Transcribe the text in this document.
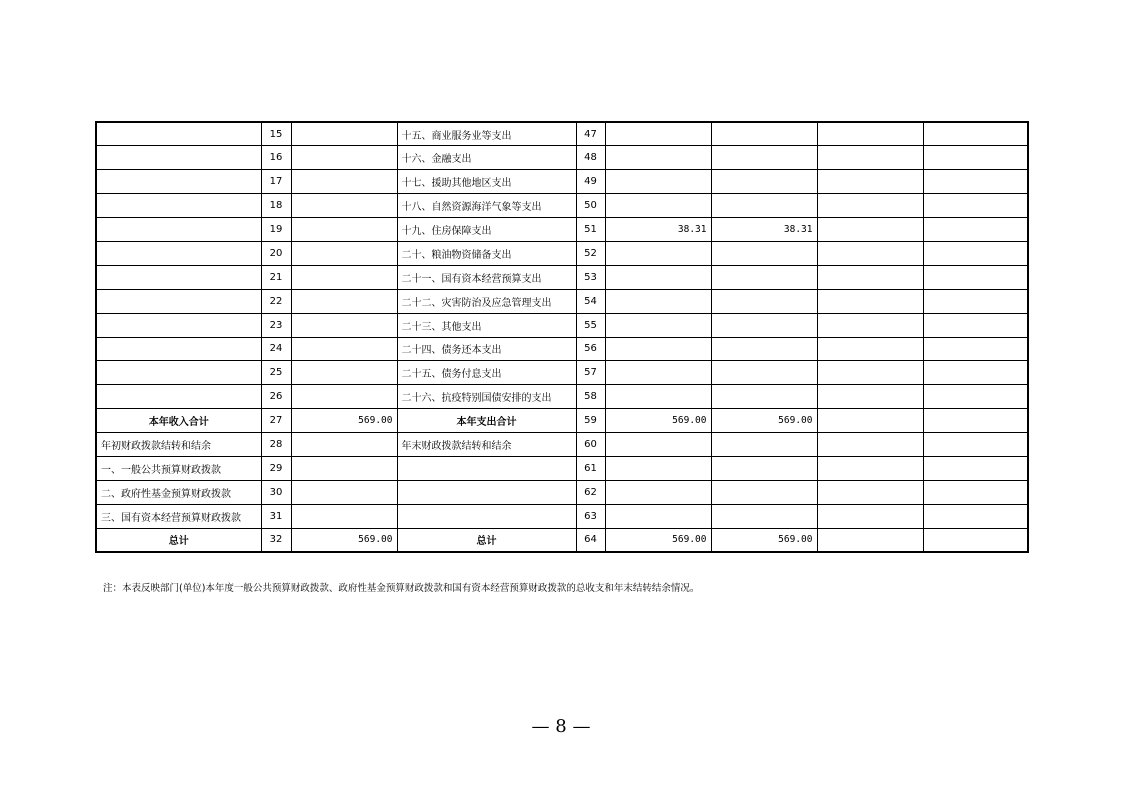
	15		十五、商业服务业等支出	47				
	16		十六、金融支出	48				
	17		十七、援助其他地区支出	49				
	18		十八、自然资源海洋气象等支出	50				
	19		十九、住房保障支出	51	38.31	38.31		
	20		二十、粮油物资储备支出	52				
	21		二十一、国有资本经营预算支出	53				
	22		二十二、灾害防治及应急管理支出	54				
	23		二十三、其他支出	55				
	24		二十四、债务还本支出	56				
	25		二十五、债务付息支出	57				
	26		二十六、抗疫特别国债安排的支出	58				
本年收入合计	27	569.00	本年支出合计	59	569.00	569.00		
年初财政拨款结转和结余	28		年末财政拨款结转和结余	60				
一、一般公共预算财政拨款	29			61				
二、政府性基金预算财政拨款	30			62				
三、国有资本经营预算财政拨款	31			63				
总计	32	569.00	总计	64	569.00	569.00		
注：本表反映部门(单位)本年度一般公共预算财政拨款、政府性基金预算财政拨款和国有资本经营预算财政拨款的总收支和年末结转结余情况。
— 8 —
